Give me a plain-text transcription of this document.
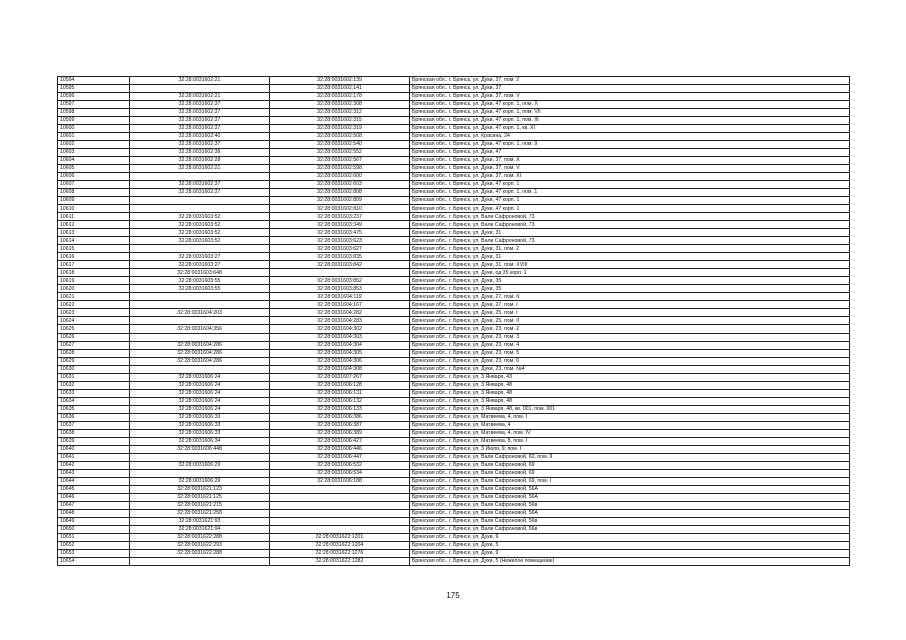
10594	32:28:0031602:21	32:28:0031602:139	Брянская обл., г. Брянск, ул. Дуки, 37, пом. 2
10595		32:28:0031602:141	Брянская обл., г. Брянск, ул. Дуки, 37
10596	32:28:0031602:21	32:28:0031602:178	Брянская обл., г. Брянск, ул. Дуки, 37, пом. V
10597	32:28:0031602:37	32:28:0031602:308	Брянская обл., г. Брянск, ул. Дуки, 47 корп. 1, пом. X
10598	32:28:0031602:37	32:28:0031602:312	Брянская обл., г. Брянск, ул. Дуки, 47 корп. 1, пом. VII
10599	32:28:0031602:37	32:28:0031602:315	Брянская обл., г. Брянск, ул. Дуки, 47 корп. 1, пом. III
10600	32:28:0031602:37	32:28:0031602:319	Брянская обл., г. Брянск, ул. Дуки, 47 корп. 1, кв. XI
10601	32:28:0031602:40	32:28:0031602:508	Брянская обл., г. Брянск, ул. Красина, 24
10602	32:28:0031602:37	32:28:0031602:540	Брянская обл., г. Брянск, ул. Дуки, 47 корп. 1, пом. 9
10603	32:28:0031602:36	32:28:0031602:552	Брянская обл., г. Брянск, ул. Дуки, 47
10604	32:28:0031602:28	32:28:0031602:567	Брянская обл., г. Брянск, ул. Дуки, 37, пом. X
10605	32:28:0031602:21	32:28:0031602:598	Брянская обл., г. Брянск, ул. Дуки, 37, пом. V
10606		32:28:0031602:600	Брянская обл., г. Брянск, ул. Дуки, 37, пом. XI
10607	32:28:0031602:37	32:28:0031602:603	Брянская обл., г. Брянск, ул. Дуки, 47 корп. 1
10608	32:28:0031602:37	32:28:0031602:808	Брянская обл., г. Брянск, ул. Дуки, 47 корп. 1, пом. 1
10609		32:28:0031602:809	Брянская обл., г. Брянск, ул. Дуки, 47 корп. 1
10610		32:28:0031602:810	Брянская обл., г. Брянск, ул. Дуки, 47 корп. 1
10611	32:28:0031603:52	32:28:0031603:237	Брянская обл., г. Брянск, ул. Вали Сафроновой, 73
10612	32:28:0031603:52	32:28:0031603:349	Брянская обл., г. Брянск, ул. Вали Сафроновой, 73
10613	32:28:0031603:52	32:28:0031603:475	Брянская обл., г. Брянск, ул. Дуки, 31
10614	32:28:0031603:52	32:28:0031603:623	Брянская обл., г. Брянск, ул. Вали Сафроновой, 73
10615		32:28:0031603:627	Брянская обл., г. Брянск, ул. Дуки, 31, пом. 2
10616	32:28:0031603:27	32:28:0031603:835	Брянская обл., г. Брянск, ул. Дуки, 31
10617	32:28:0031603:27	32:28:0031603:842	Брянская обл., г. Брянск, ул. Дуки, 31, пом. XVIII
10618	32:28:0031603:648		Брянская обл., г. Брянск, ул. Дуки, од 35 корп. 1
10619	32:28:0031603:55	32:28:0031603:852	Брянская обл., г. Брянск, ул. Дуки, 35
10620	32:28:0031603:55	32:28:0031603:853	Брянская обл., г. Брянск, ул. Дуки, 35
10621		32:28:0031604:119	Брянская обл., г. Брянск, ул. Дуки, 27, пом. II
10622		32:28:0031604:167	Брянская обл., г. Брянск, ул. Дуки, 27, пом. I
10623	32:28:0031604:203	32:28:0031604:282	Брянская обл., г. Брянск, ул. Дуки, 25, пом. I
10624		32:28:0031604:283	Брянская обл., г. Брянск, ул. Дуки, 25, пом. II
10625	32:28:0031604:356	32:28:0031604:302	Брянская обл., г. Брянск, ул. Дуки, 23, пом. 2
10626		32:28:0031604:303	Брянская обл., г. Брянск, ул. Дуки, 23, пом. 3
10627	32:28:0031604:286	32:28:0031604:304	Брянская обл., г. Брянск, ул. Дуки, 23, пом. 4
10628	32:28:0031604:286	32:28:0031604:305	Брянская обл., г. Брянск, ул. Дуки, 23, пом. 5
10629	32:28:0031604:286	32:28:0031604:306	Брянская обл., г. Брянск, ул. Дуки, 23, пом. 6
10630		32:28:0031604:308	Брянская обл., г. Брянск, ул. Дуки, 23, пом. №4
10631	32:28:0031606:24	32:28:0031607:267	Брянская обл., г. Брянск, ул. 3 Января, 43
10632	32:28:0031606:24	32:28:0031606:128	Брянская обл., г. Брянск, ул. 3 Января, 48
10633	32:28:0031606:24	32:28:0031606:131	Брянская обл., г. Брянск, ул. 3 Января, 48
10634	32:28:0031606:24	32:28:0031606:132	Брянская обл., г. Брянск, ул. 3 Января, 48
10635	32:28:0031606:24	32:28:0031606:133	Брянская обл., г. Брянск, ул. 3 Января, 48, кв. 001, пом. 001
10636	32:28:0031606:33	32:28:0031606:386	Брянская обл., г. Брянск, ул. Матвеева, 4, пом. I
10637	32:28:0031606:33	32:28:0031606:387	Брянская обл., г. Брянск, ул. Матвеева, 4
10638	32:28:0031606:33	32:28:0031606:389	Брянская обл., г. Брянск, ул. Матвеева, 4, пом. IV
10639	32:28:0031606:34	32:28:0031606:427	Брянская обл., г. Брянск, ул. Матвеева, 8, пом. I
10640	32:28:0031606:448	32:28:0031606:446	Брянская обл., г. Брянск, ул. 3 Июля, 9, пом. I
10641		32:28:0031606:447	Брянская обл., г. Брянск, ул. Вали Сафроновой, 62, пом. II
10642	32:28:0031606:29	32:28:0031606:532	Брянская обл., г. Брянск, ул. Вали Сафроновой, 69
10643		32:28:0031606:534	Брянская обл., г. Брянск, ул. Вали Сафроновой, 69
10644	32:28:0031606:29	32:28:0031606:188	Брянская обл., г. Брянск, ул. Вали Сафроновой, 69, пом. I
10645	32:28:0031621:123		Брянская обл., г. Брянск, ул. Вали Сафроновой, 56А
10646	32:28:0031621:125		Брянская обл., г. Брянск, ул. Вали Сафроновой, 56А
10647	32:28:0031621:215		Брянская обл., г. Брянск, ул. Вали Сафроновой, 56в
10648	32:28:0031621:258		Брянская обл., г. Брянск, ул. Вали Сафроновой, 56А
10649	32:28:0031621:93		Брянская обл., г. Брянск, ул. Вали Сафроновой, 56в
10650	32:28:0031621:94		Брянская обл., г. Брянск, ул. Вали Сафроновой, 56в
10651	32:28:0031622:288	32:28:0031622:1201	Брянская обл., г. Брянск, ул. Дуки, 9
10652	32:28:0031622:293	32:28:0031622:1204	Брянская обл., г. Брянск, ул. Дуки, 5
10653	32:28:0031622:288	32:28:0031622:1276	Брянская обл., г. Брянск, ул. Дуки, 9
10654		32:28:0031622:1282	Брянская обл., г. Брянск, ул. Дуки, 5 (Нежилое помещение)
175
